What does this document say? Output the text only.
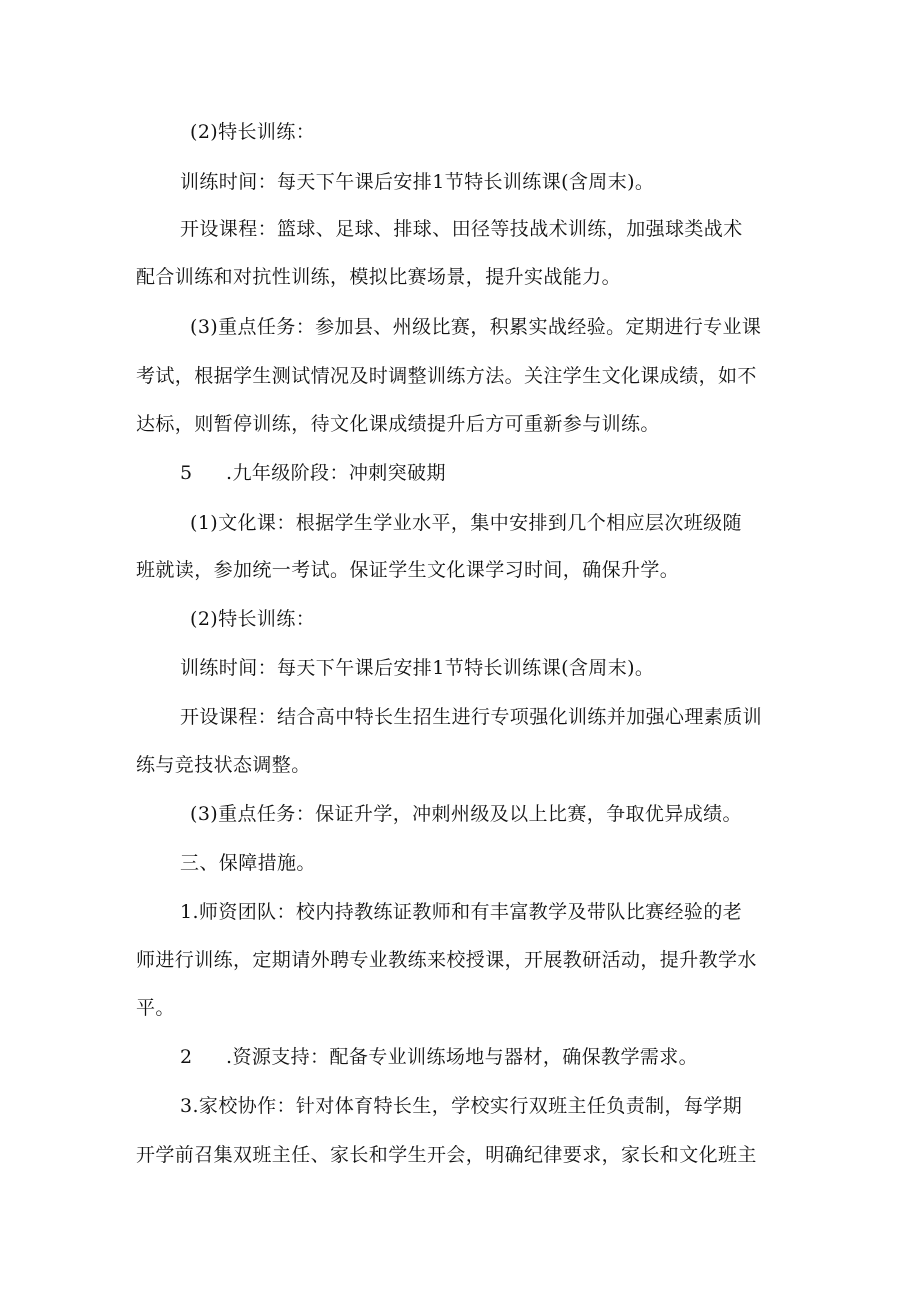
(2)特长训练：
训练时间：每天下午课后安排1节特长训练课(含周末)。
开设课程：篮球、足球、排球、田径等技战术训练，加强球类战术
配合训练和对抗性训练，模拟比赛场景，提升实战能力。
(3)重点任务：参加县、州级比赛，积累实战经验。定期进行专业课
考试，根据学生测试情况及时调整训练方法。关注学生文化课成绩，如不
达标，则暂停训练，待文化课成绩提升后方可重新参与训练。
5 .九年级阶段：冲刺突破期
(1)文化课：根据学生学业水平，集中安排到几个相应层次班级随
班就读，参加统一考试。保证学生文化课学习时间，确保升学。
(2)特长训练：
训练时间：每天下午课后安排1节特长训练课(含周末)。
开设课程：结合高中特长生招生进行专项强化训练并加强心理素质训
练与竞技状态调整。
(3)重点任务：保证升学，冲刺州级及以上比赛，争取优异成绩。
三、保障措施。
1.师资团队：校内持教练证教师和有丰富教学及带队比赛经验的老
师进行训练，定期请外聘专业教练来校授课，开展教研活动，提升教学水
平。
2 .资源支持：配备专业训练场地与器材，确保教学需求。
3.家校协作：针对体育特长生，学校实行双班主任负责制，每学期
开学前召集双班主任、家长和学生开会，明确纪律要求，家长和文化班主
